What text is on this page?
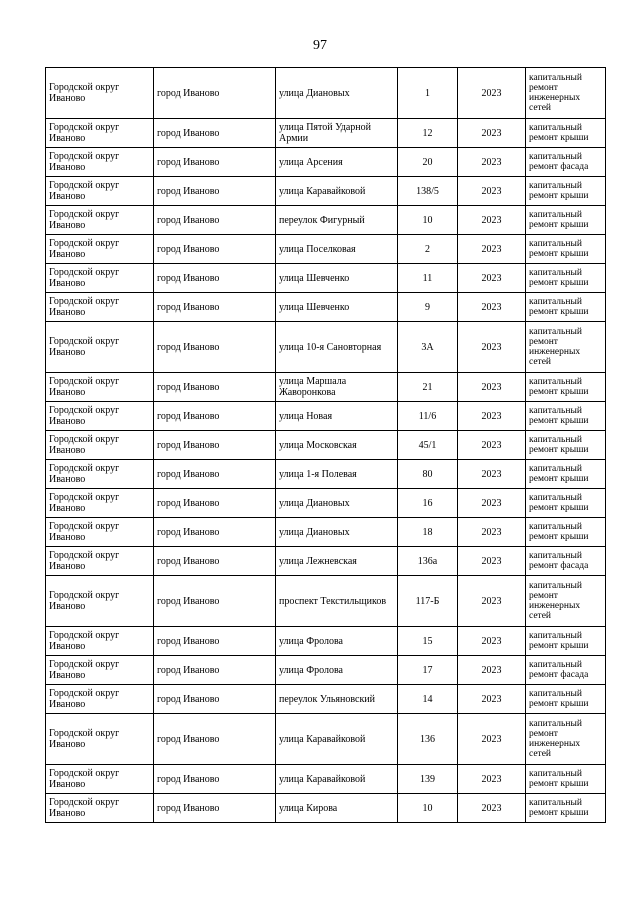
97
Городской округ Иваново	город Иваново	улица Диановых	1	2023	капитальный ремонт инженерных сетей
Городской округ Иваново	город Иваново	улица Пятой Ударной Армии	12	2023	капитальный ремонт крыши
Городской округ Иваново	город Иваново	улица Арсения	20	2023	капитальный ремонт фасада
Городской округ Иваново	город Иваново	улица Каравайковой	138/5	2023	капитальный ремонт крыши
Городской округ Иваново	город Иваново	переулок Фигурный	10	2023	капитальный ремонт крыши
Городской округ Иваново	город Иваново	улица Поселковая	2	2023	капитальный ремонт крыши
Городской округ Иваново	город Иваново	улица Шевченко	11	2023	капитальный ремонт крыши
Городской округ Иваново	город Иваново	улица Шевченко	9	2023	капитальный ремонт крыши
Городской округ Иваново	город Иваново	улица 10-я Сановторная	3А	2023	капитальный ремонт инженерных сетей
Городской округ Иваново	город Иваново	улица Маршала Жаворонкова	21	2023	капитальный ремонт крыши
Городской округ Иваново	город Иваново	улица Новая	11/6	2023	капитальный ремонт крыши
Городской округ Иваново	город Иваново	улица Московская	45/1	2023	капитальный ремонт крыши
Городской округ Иваново	город Иваново	улица 1-я Полевая	80	2023	капитальный ремонт крыши
Городской округ Иваново	город Иваново	улица Диановых	16	2023	капитальный ремонт крыши
Городской округ Иваново	город Иваново	улица Диановых	18	2023	капитальный ремонт крыши
Городской округ Иваново	город Иваново	улица Лежневская	136а	2023	капитальный ремонт фасада
Городской округ Иваново	город Иваново	проспект Текстильщиков	117-Б	2023	капитальный ремонт инженерных сетей
Городской округ Иваново	город Иваново	улица Фролова	15	2023	капитальный ремонт крыши
Городской округ Иваново	город Иваново	улица Фролова	17	2023	капитальный ремонт фасада
Городской округ Иваново	город Иваново	переулок Ульяновский	14	2023	капитальный ремонт крыши
Городской округ Иваново	город Иваново	улица Каравайковой	136	2023	капитальный ремонт инженерных сетей
Городской округ Иваново	город Иваново	улица Каравайковой	139	2023	капитальный ремонт крыши
Городской округ Иваново	город Иваново	улица Кирова	10	2023	капитальный ремонт крыши
